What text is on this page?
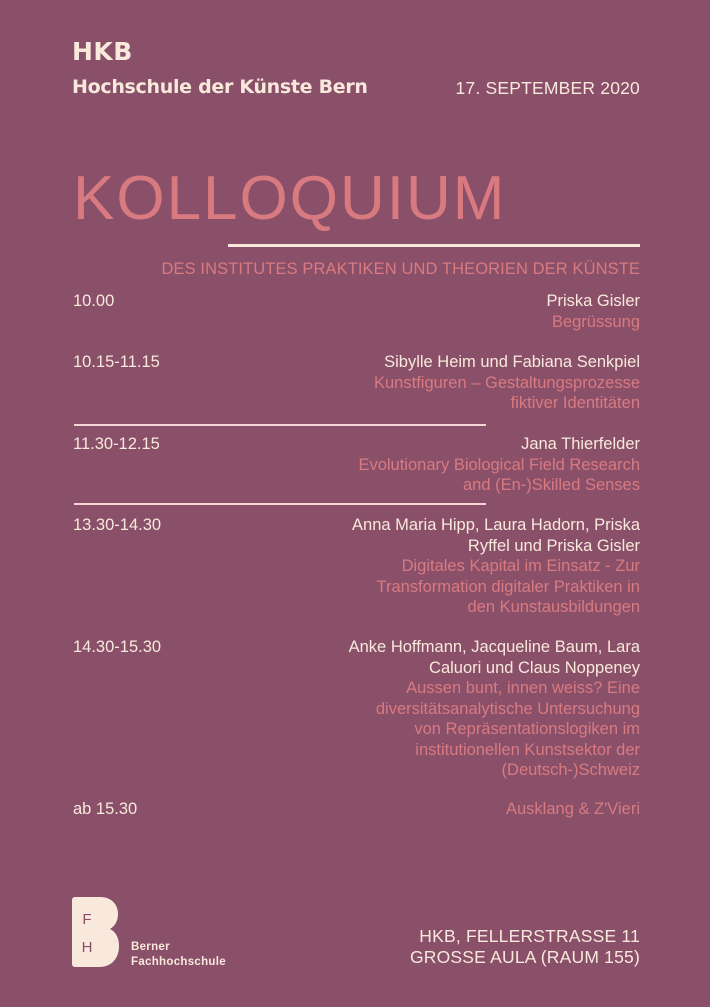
HKB
Hochschule der Künste Bern	17. SEPTEMBER 2020
KOLLOQUIUM
DES INSTITUTES PRAKTIKEN UND THEORIEN DER KÜNSTE
10.00	Priska Gisler
Begrüssung
10.15-11.15	Sibylle Heim und Fabiana Senkpiel
Kunstfiguren – Gestaltungsprozesse
fiktiver Identitäten
11.30-12.15	Jana Thierfelder
Evolutionary Biological Field Research
and (En-)Skilled Senses
13.30-14.30	Anna Maria Hipp, Laura Hadorn, Priska
Ryffel und Priska Gisler
Digitales Kapital im Einsatz - Zur
Transformation digitaler Praktiken in
den Kunstausbildungen
14.30-15.30	Anke Hoffmann, Jacqueline Baum, Lara
Caluori und Claus Noppeney
Aussen bunt, innen weiss? Eine
diversitätsanalytische Untersuchung
von Repräsentationslogiken im
institutionellen Kunstsektor der
(Deutsch-)Schweiz
ab 15.30	Ausklang & Z'Vieri
F
H	Berner
Fachhochschule
HKB, FELLERSTRASSE 11
GROSSE AULA (RAUM 155)
